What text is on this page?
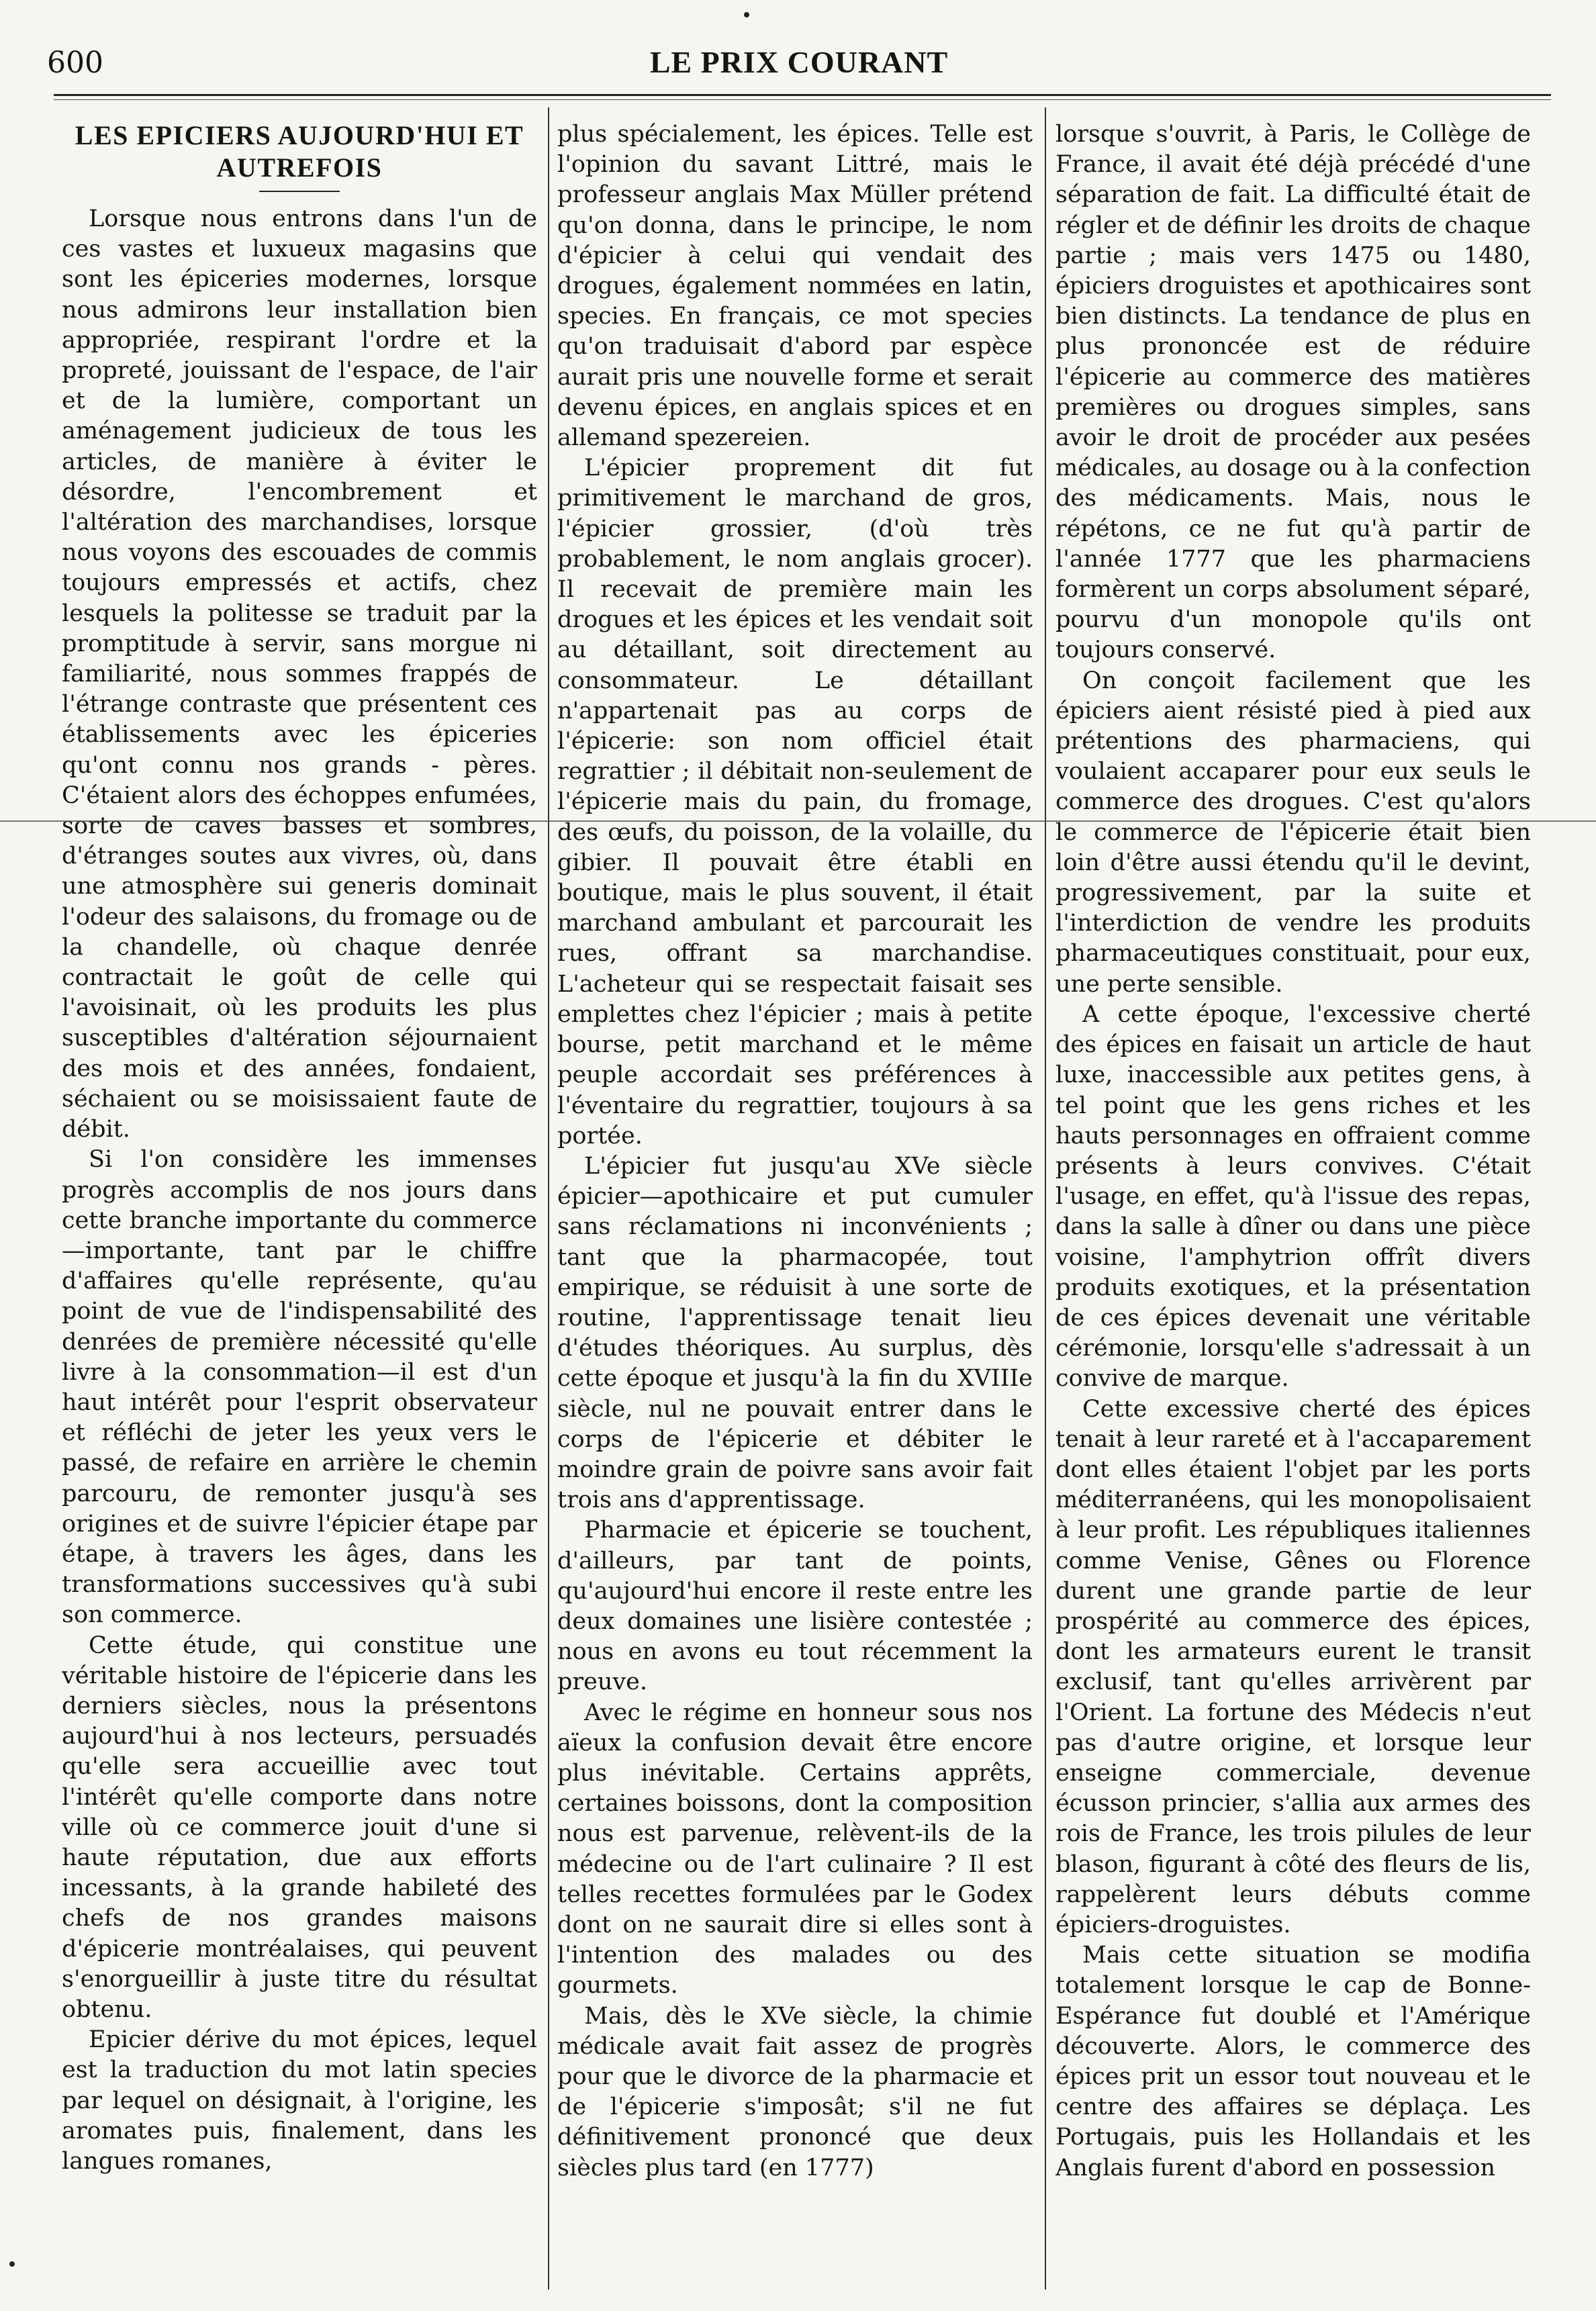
600	LE PRIX COURANT
LES EPICIERS AUJOURD'HUI ET AUTREFOIS

Lorsque nous entrons dans l'un de ces vastes et luxueux magasins que sont les épiceries modernes, lorsque nous admirons leur installation bien appropriée, respirant l'ordre et la propreté, jouissant de l'espace, de l'air et de la lumière, comportant un aménagement judicieux de tous les articles, de manière à éviter le désordre, l'encombrement et l'altération des marchandises, lorsque nous voyons des escouades de commis toujours empressés et actifs, chez lesquels la politesse se traduit par la promptitude à servir, sans morgue ni familiarité, nous sommes frappés de l'étrange contraste que présentent ces établissements avec les épiceries qu'ont connu nos grands - pères. C'étaient alors des échoppes enfumées, sorte de caves basses et sombres, d'étranges soutes aux vivres, où, dans une atmosphère sui generis dominait l'odeur des salaisons, du fromage ou de la chandelle, où chaque denrée contractait le goût de celle qui l'avoisinait, où les produits les plus susceptibles d'altération séjournaient des mois et des années, fondaient, séchaient ou se moisissaient faute de débit.

Si l'on considère les immenses progrès accomplis de nos jours dans cette branche importante du commerce—importante, tant par le chiffre d'affaires qu'elle représente, qu'au point de vue de l'indispensabilité des denrées de première nécessité qu'elle livre à la consommation—il est d'un haut intérêt pour l'esprit observateur et réfléchi de jeter les yeux vers le passé, de refaire en arrière le chemin parcouru, de remonter jusqu'à ses origines et de suivre l'épicier étape par étape, à travers les âges, dans les transformations successives qu'à subi son commerce.

Cette étude, qui constitue une véritable histoire de l'épicerie dans les derniers siècles, nous la présentons aujourd'hui à nos lecteurs, persuadés qu'elle sera accueillie avec tout l'intérêt qu'elle comporte dans notre ville où ce commerce jouit d'une si haute réputation, due aux efforts incessants, à la grande habileté des chefs de nos grandes maisons d'épicerie montréalaises, qui peuvent s'enorgueillir à juste titre du résultat obtenu.

Epicier dérive du mot épices, lequel est la traduction du mot latin species par lequel on désignait, à l'origine, les aromates puis, finalement, dans les langues romanes,

plus spécialement, les épices. Telle est l'opinion du savant Littré, mais le professeur anglais Max Müller prétend qu'on donna, dans le principe, le nom d'épicier à celui qui vendait des drogues, également nommées en latin, species. En français, ce mot species qu'on traduisait d'abord par espèce aurait pris une nouvelle forme et serait devenu épices, en anglais spices et en allemand spezereien.

L'épicier proprement dit fut primitivement le marchand de gros, l'épicier grossier, (d'où très probablement, le nom anglais grocer). Il recevait de première main les drogues et les épices et les vendait soit au détaillant, soit directement au consommateur. Le détaillant n'appartenait pas au corps de l'épicerie: son nom officiel était regrattier ; il débitait non-seulement de l'épicerie mais du pain, du fromage, des œufs, du poisson, de la volaille, du gibier. Il pouvait être établi en boutique, mais le plus souvent, il était marchand ambulant et parcourait les rues, offrant sa marchandise. L'acheteur qui se respectait faisait ses emplettes chez l'épicier ; mais à petite bourse, petit marchand et le même peuple accordait ses préférences à l'éventaire du regrattier, toujours à sa portée.

L'épicier fut jusqu'au XVe siècle épicier—apothicaire et put cumuler sans réclamations ni inconvénients ; tant que la pharmacopée, tout empirique, se réduisit à une sorte de routine, l'apprentissage tenait lieu d'études théoriques. Au surplus, dès cette époque et jusqu'à la fin du XVIIIe siècle, nul ne pouvait entrer dans le corps de l'épicerie et débiter le moindre grain de poivre sans avoir fait trois ans d'apprentissage.

Pharmacie et épicerie se touchent, d'ailleurs, par tant de points, qu'aujourd'hui encore il reste entre les deux domaines une lisière contestée ; nous en avons eu tout récemment la preuve.

Avec le régime en honneur sous nos aïeux la confusion devait être encore plus inévitable. Certains apprêts, certaines boissons, dont la composition nous est parvenue, relèvent-ils de la médecine ou de l'art culinaire ? Il est telles recettes formulées par le Godex dont on ne saurait dire si elles sont à l'intention des malades ou des gourmets.

Mais, dès le XVe siècle, la chimie médicale avait fait assez de progrès pour que le divorce de la pharmacie et de l'épicerie s'imposât; s'il ne fut définitivement prononcé que deux siècles plus tard (en 1777)

lorsque s'ouvrit, à Paris, le Collège de France, il avait été déjà précédé d'une séparation de fait. La difficulté était de régler et de définir les droits de chaque partie ; mais vers 1475 ou 1480, épiciers droguistes et apothicaires sont bien distincts. La tendance de plus en plus prononcée est de réduire l'épicerie au commerce des matières premières ou drogues simples, sans avoir le droit de procéder aux pesées médicales, au dosage ou à la confection des médicaments. Mais, nous le répétons, ce ne fut qu'à partir de l'année 1777 que les pharmaciens formèrent un corps absolument séparé, pourvu d'un monopole qu'ils ont toujours conservé.

On conçoit facilement que les épiciers aient résisté pied à pied aux prétentions des pharmaciens, qui voulaient accaparer pour eux seuls le commerce des drogues. C'est qu'alors le commerce de l'épicerie était bien loin d'être aussi étendu qu'il le devint, progressivement, par la suite et l'interdiction de vendre les produits pharmaceutiques constituait, pour eux, une perte sensible.

A cette époque, l'excessive cherté des épices en faisait un article de haut luxe, inaccessible aux petites gens, à tel point que les gens riches et les hauts personnages en offraient comme présents à leurs convives. C'était l'usage, en effet, qu'à l'issue des repas, dans la salle à dîner ou dans une pièce voisine, l'amphytrion offrît divers produits exotiques, et la présentation de ces épices devenait une véritable cérémonie, lorsqu'elle s'adressait à un convive de marque.

Cette excessive cherté des épices tenait à leur rareté et à l'accaparement dont elles étaient l'objet par les ports méditerranéens, qui les monopolisaient à leur profit. Les républiques italiennes comme Venise, Gênes ou Florence durent une grande partie de leur prospérité au commerce des épices, dont les armateurs eurent le transit exclusif, tant qu'elles arrivèrent par l'Orient. La fortune des Médecis n'eut pas d'autre origine, et lorsque leur enseigne commerciale, devenue écusson princier, s'allia aux armes des rois de France, les trois pilules de leur blason, figurant à côté des fleurs de lis, rappelèrent leurs débuts comme épiciers-droguistes.

Mais cette situation se modifia totalement lorsque le cap de Bonne-Espérance fut doublé et l'Amérique découverte. Alors, le commerce des épices prit un essor tout nouveau et le centre des affaires se déplaça. Les Portugais, puis les Hollandais et les Anglais furent d'abord en possession
